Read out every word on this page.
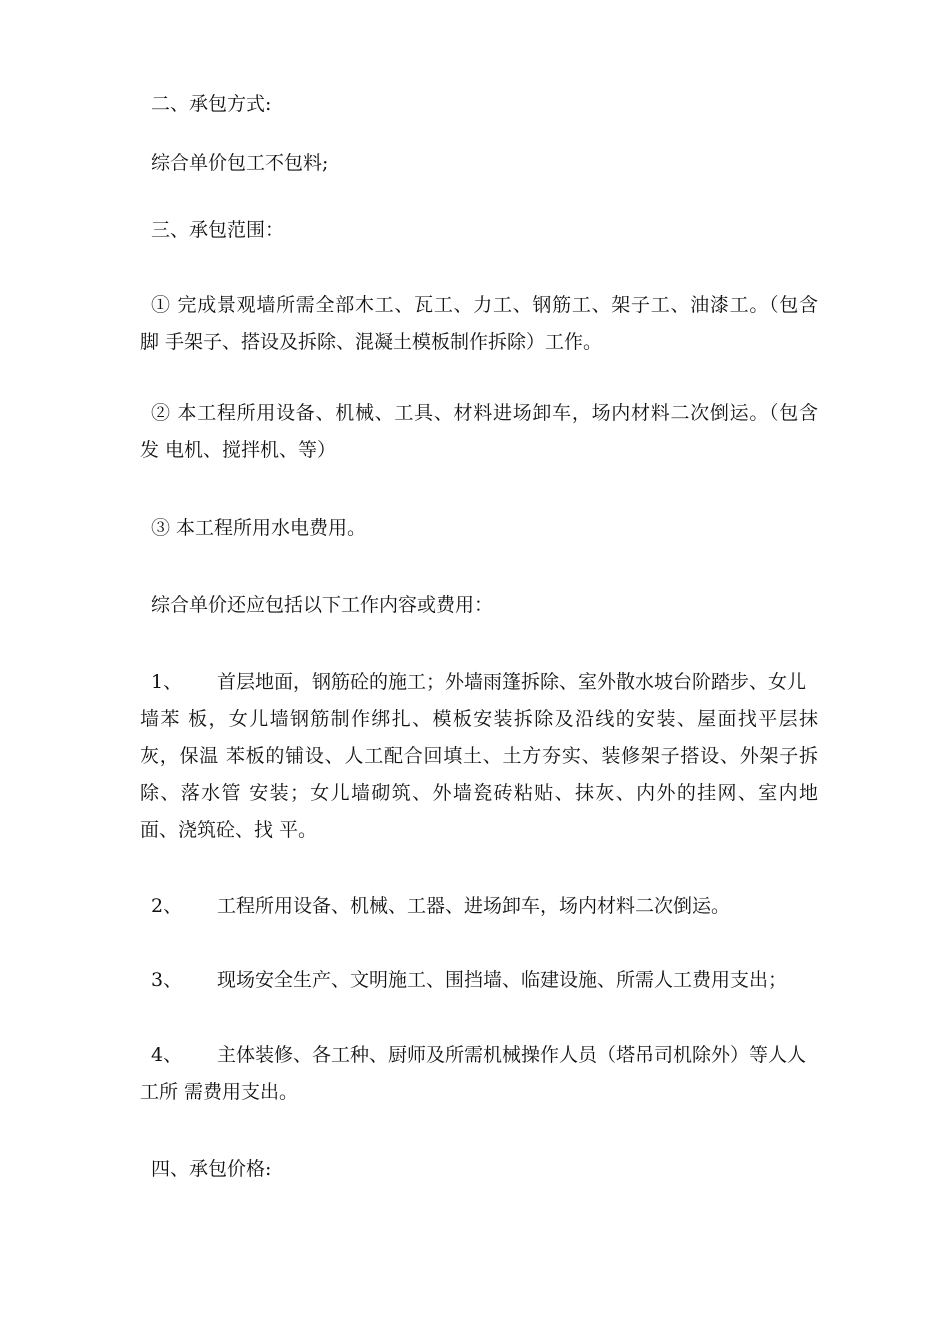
二、承包方式:
综合单价包工不包料;
三、承包范围：
① 完成景观墙所需全部木工、瓦工、力工、钢筋工、架子工、油漆工。（包含
脚 手架子、搭设及拆除、混凝土模板制作拆除）工作。
② 本工程所用设备、机械、工具、材料进场卸车，场内材料二次倒运。（包含
发 电机、搅拌机、等）
③ 本工程所用水电费用。
综合单价还应包括以下工作内容或费用：
1、 首层地面，钢筋砼的施工；外墙雨篷拆除、室外散水坡台阶踏步、女儿
墙苯 板，女儿墙钢筋制作绑扎、模板安装拆除及沿线的安装、屋面找平层抹
灰，保温 苯板的铺设、人工配合回填土、土方夯实、装修架子搭设、外架子拆
除、落水管 安装；女儿墙砌筑、外墙瓷砖粘贴、抹灰、内外的挂网、室内地
面、浇筑砼、找 平。
2、 工程所用设备、机械、工器、进场卸车，场内材料二次倒运。
3、 现场安全生产、文明施工、围挡墙、临建设施、所需人工费用支出；
4、 主体装修、各工种、厨师及所需机械操作人员（塔吊司机除外）等人人
工所 需费用支出。
四、承包价格:
